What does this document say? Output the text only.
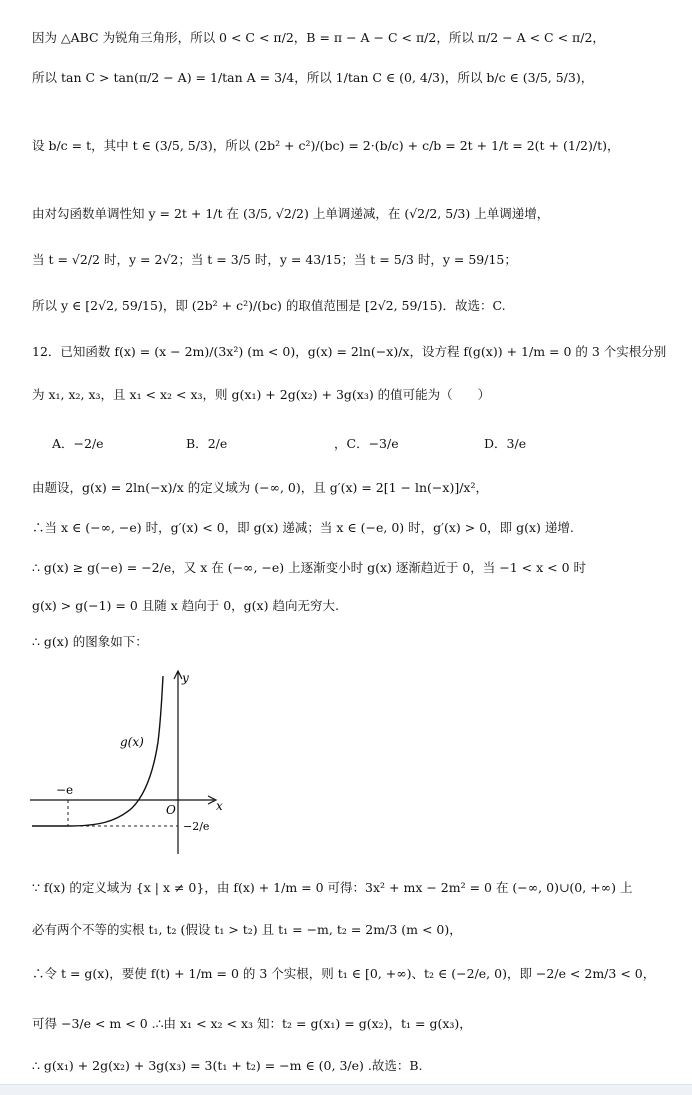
因为 △ABC 为锐角三角形，所以 0 < C < π/2，B = π − A − C < π/2，所以 π/2 − A < C < π/2，
所以 tan C > tan(π/2 − A) = 1/tan A = 3/4，所以 1/tan C ∈ (0, 4/3)，所以 b/c ∈ (3/5, 5/3)，
设 b/c = t，其中 t ∈ (3/5, 5/3)，所以 (2b² + c²)/(bc) = 2·(b/c) + c/b = 2t + 1/t = 2(t + (1/2)/t)，
由对勾函数单调性知 y = 2t + 1/t 在 (3/5, √2/2) 上单调递减，在 (√2/2, 5/3) 上单调递增，
当 t = √2/2 时，y = 2√2；当 t = 3/5 时，y = 43/15；当 t = 5/3 时，y = 59/15；
所以 y ∈ [2√2, 59/15)，即 (2b² + c²)/(bc) 的取值范围是 [2√2, 59/15)．故选：C.
12．已知函数 f(x) = (x − 2m)/(3x²) (m < 0)，g(x) = 2ln(−x)/x，设方程 f(g(x)) + 1/m = 0 的 3 个实根分别
为 x₁, x₂, x₃，且 x₁ < x₂ < x₃，则 g(x₁) + 2g(x₂) + 3g(x₃) 的值可能为（　　）
A．−2/e	B．2/e	，C．−3/e	D．3/e
由题设，g(x) = 2ln(−x)/x 的定义域为 (−∞, 0)，且 g′(x) = 2[1 − ln(−x)]/x²，
∴当 x ∈ (−∞, −e) 时，g′(x) < 0，即 g(x) 递减；当 x ∈ (−e, 0) 时，g′(x) > 0，即 g(x) 递增.
∴ g(x) ≥ g(−e) = −2/e，又 x 在 (−∞, −e) 上逐渐变小时 g(x) 逐渐趋近于 0，当 −1 < x < 0 时
g(x) > g(−1) = 0 且随 x 趋向于 0，g(x) 趋向无穷大.
∴ g(x) 的图象如下：
g(x)
y
x
O
−e
−2/e
∵ f(x) 的定义域为 {x | x ≠ 0}，由 f(x) + 1/m = 0 可得：3x² + mx − 2m² = 0 在 (−∞, 0)∪(0, +∞) 上
必有两个不等的实根 t₁, t₂ (假设 t₁ > t₂) 且 t₁ = −m, t₂ = 2m/3 (m < 0)，
∴令 t = g(x)，要使 f(t) + 1/m = 0 的 3 个实根，则 t₁ ∈ [0, +∞)、t₂ ∈ (−2/e, 0)，即 −2/e < 2m/3 < 0，
可得 −3/e < m < 0 .∴由 x₁ < x₂ < x₃ 知：t₂ = g(x₁) = g(x₂)，t₁ = g(x₃)，
∴ g(x₁) + 2g(x₂) + 3g(x₃) = 3(t₁ + t₂) = −m ∈ (0, 3/e) .故选：B.
